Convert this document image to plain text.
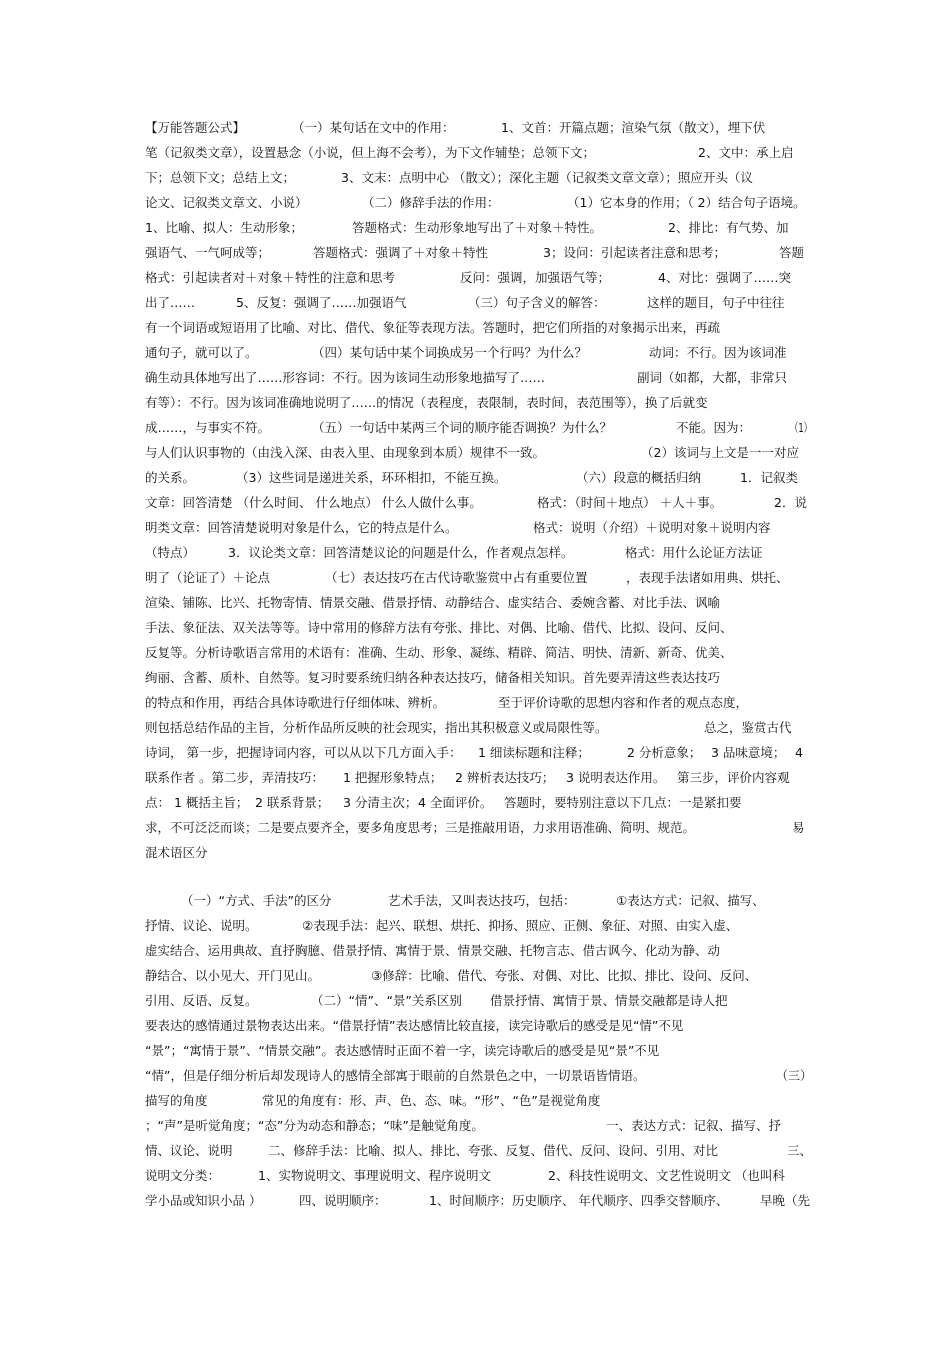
【万能答题公式】	（一）某句话在文中的作用：	1、文首：开篇点题；渲染气氛（散文），埋下伏
笔（记叙类文章），设置悬念（小说，但上海不会考），为下文作辅垫；总领下文；	2、文中：承上启
下；总领下文；总结上文；	3、文末：点明中心 （散文）；深化主题（记叙类文章文章）；照应开头（议
论文、记叙类文章文、小说）	（二）修辞手法的作用：	（1）它本身的作用；（ 2）结合句子语境。
1、比喻、拟人：生动形象；	答题格式：生动形象地写出了＋对象＋特性。	2、排比：有气势、加
强语气、一气呵成等；	答题格式：强调了＋对象＋特性	3；设问：引起读者注意和思考；	答题
格式：引起读者对＋对象＋特性的注意和思考	反问：强调，加强语气等；	4、对比：强调了……突
出了……	5、反复：强调了……加强语气	（三）句子含义的解答：	这样的题目，句子中往往
有一个词语或短语用了比喻、对比、借代、象征等表现方法。答题时，把它们所指的对象揭示出来，再疏
通句子，就可以了。	（四）某句话中某个词换成另一个行吗？为什么？	动词：不行。因为该词准
确生动具体地写出了……形容词：不行。因为该词生动形象地描写了……	副词（如都，大都，非常只
有等）：不行。因为该词准确地说明了……的情况（表程度，表限制，表时间，表范围等），换了后就变
成……，与事实不符。	（五）一句话中某两三个词的顺序能否调换？为什么？	不能。因为：	（1）
与人们认识事物的（由浅入深、由表入里、由现象到本质）规律不一致。	（2）该词与上文是一一对应
的关系。	（3）这些词是递进关系，环环相扣，不能互换。	（六）段意的概括归纳	1．记叙类
文章：回答清楚 （什么时间、 什么地点） 什么人做什么事。	格式：（时间＋地点） ＋人＋事。	2．说
明类文章：回答清楚说明对象是什么，它的特点是什么。	格式：说明（介绍）＋说明对象＋说明内容
（特点）	3．议论类文章：回答清楚议论的问题是什么，作者观点怎样。	格式：用什么论证方法证
明了（论证了）＋论点	（七）表达技巧在古代诗歌鉴赏中占有重要位置	，表现手法诸如用典、烘托、
渲染、铺陈、比兴、托物寄情、情景交融、借景抒情、动静结合、虚实结合、委婉含蓄、对比手法、讽喻
手法、象征法、双关法等等。诗中常用的修辞方法有夸张、排比、对偶、比喻、借代、比拟、设问、反问、
反复等。分析诗歌语言常用的术语有：准确、生动、形象、凝练、精辟、简洁、明快、清新、新奇、优美、
绚丽、含蓄、质朴、自然等。复习时要系统归纳各种表达技巧，储备相关知识。首先要弄清这些表达技巧
的特点和作用，再结合具体诗歌进行仔细体味、辨析。	至于评价诗歌的思想内容和作者的观点态度，
则包括总结作品的主旨，分析作品所反映的社会现实，指出其积极意义或局限性等。	总之，鉴赏古代
诗词， 第一步，把握诗词内容，可以从以下几方面入手： 1 细读标题和注释；	2 分析意象； 3 品味意境； 4
联系作者 。第二步，弄清技巧： 1 把握形象特点； 2 辨析表达技巧； 3 说明表达作用。 第三步，评价内容观
点： 1 概括主旨； 2 联系背景； 3 分清主次； 4 全面评价。 答题时，要特别注意以下几点：一是紧扣要
求，不可泛泛而谈；二是要点要齐全，要多角度思考；三是推敲用语，力求用语准确、简明、规范。	易
混术语区分
（一）“方式、手法”的区分	艺术手法，又叫表达技巧，包括：	①表达方式：记叙、描写、
抒情、议论、说明。	②表现手法：起兴、联想、烘托、抑扬、照应、正侧、象征、对照、由实入虚、
虚实结合、运用典故、直抒胸臆、借景抒情、寓情于景、情景交融、托物言志、借古讽今、化动为静、动
静结合、以小见大、开门见山。	③修辞：比喻、借代、夸张、对偶、对比、比拟、排比、设问、反问、
引用、反语、反复。	（二）“情”、“景”关系区别 借景抒情、寓情于景、情景交融都是诗人把
要表达的感情通过景物表达出来。“借景抒情”表达感情比较直接，读完诗歌后的感受是见“情”不见
“景”；“寓情于景”、“情景交融”。表达感情时正面不着一字，读完诗歌后的感受是见“景”不见
“情”，但是仔细分析后却发现诗人的感情全部寓于眼前的自然景色之中，一切景语皆情语。	（三）
描写的角度	常见的角度有：形、声、色、态、味。“形”、“色”是视觉角度
；“声”是听觉角度；“态”分为动态和静态；“味”是触觉角度。	一、表达方式：记叙、描写、抒
情、议论、说明	二、修辞手法：比喻、拟人、排比、夸张、反复、借代、反问、设问、引用、对比	三、
说明文分类：	1、实物说明文、事理说明文、程序说明文	2、科技性说明文、文艺性说明文 （也叫科
学小品或知识小品 ）	四、说明顺序：	1、时间顺序：历史顺序、 年代顺序、四季交替顺序、	早晚（先
